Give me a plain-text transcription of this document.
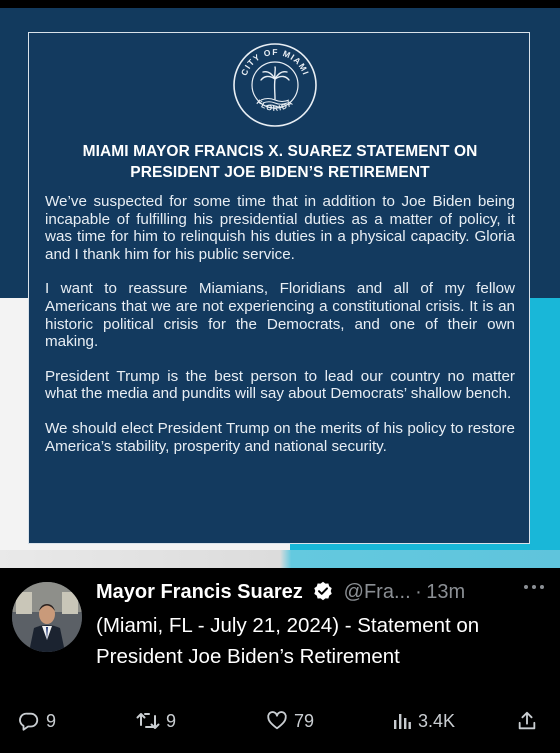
CITY OF MIAMI
FLORIDA
MIAMI MAYOR FRANCIS X. SUAREZ STATEMENT ON
PRESIDENT JOE BIDEN’S RETIREMENT

We’ve suspected for some time that in addition to Joe Biden being incapable of fulfilling his presidential duties as a matter of policy, it was time for him to relinquish his duties in a physical capacity. Gloria and I thank him for his public service.

I want to reassure Miamians, Floridians and all of my fellow Americans that we are not experiencing a constitutional crisis. It is an historic political crisis for the Democrats, and one of their own making.

President Trump is the best person to lead our country no matter what the media and pundits will say about Democrats’ shallow bench.

We should elect President Trump on the merits of his policy to restore America’s stability, prosperity and national security.

Mayor Francis Suarez @Fra... · 13m
(Miami, FL - July 21, 2024) - Statement on President Joe Biden’s Retirement
9	9	79	3.4K
